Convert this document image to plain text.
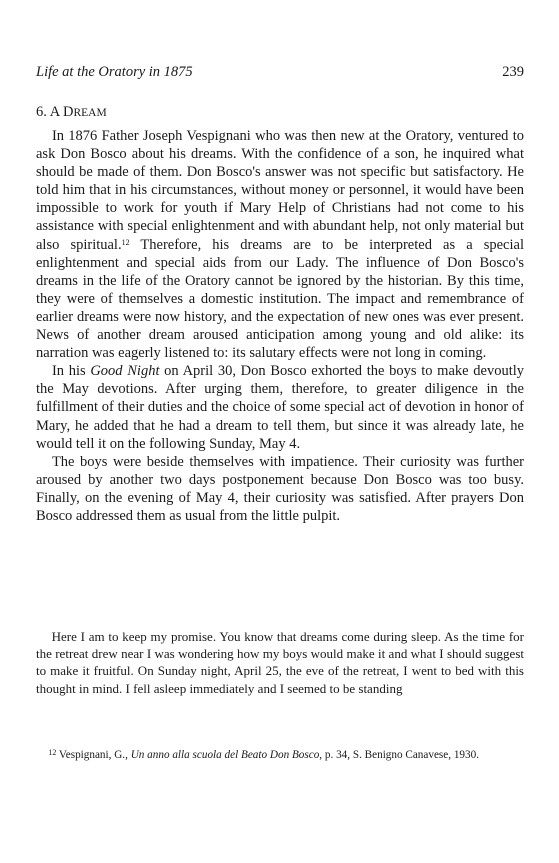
Life at the Oratory in 1875	239
6. A DREAM

In 1876 Father Joseph Vespignani who was then new at the Oratory, ventured to ask Don Bosco about his dreams. With the confidence of a son, he inquired what should be made of them. Don Bosco's answer was not specific but satisfactory. He told him that in his circumstances, without money or personnel, it would have been impossible to work for youth if Mary Help of Christians had not come to his assistance with special enlightenment and with abundant help, not only material but also spiritual.$^{12}$ Therefore, his dreams are to be interpreted as a special enlightenment and special aids from our Lady. The influence of Don Bosco's dreams in the life of the Oratory cannot be ignored by the historian. By this time, they were of themselves a domestic institution. The impact and remembrance of earlier dreams were now history, and the expectation of new ones was ever present. News of another dream aroused anticipation among young and old alike: its narration was eagerly listened to: its salutary effects were not long in coming.

In his Good Night on April 30, Don Bosco exhorted the boys to make devoutly the May devotions. After urging them, therefore, to greater diligence in the fulfillment of their duties and the choice of some special act of devotion in honor of Mary, he added that he had a dream to tell them, but since it was already late, he would tell it on the following Sunday, May 4.

The boys were beside themselves with impatience. Their curiosity was further aroused by another two days postponement because Don Bosco was too busy. Finally, on the evening of May 4, their curiosity was satisfied. After prayers Don Bosco addressed them as usual from the little pulpit.

Here I am to keep my promise. You know that dreams come during sleep. As the time for the retreat drew near I was wondering how my boys would make it and what I should suggest to make it fruitful. On Sunday night, April 25, the eve of the retreat, I went to bed with this thought in mind. I fell asleep immediately and I seemed to be standing

$^{12}$ Vespignani, G., Un anno alla scuola del Beato Don Bosco, p. 34, S. Benigno Canavese, 1930.
